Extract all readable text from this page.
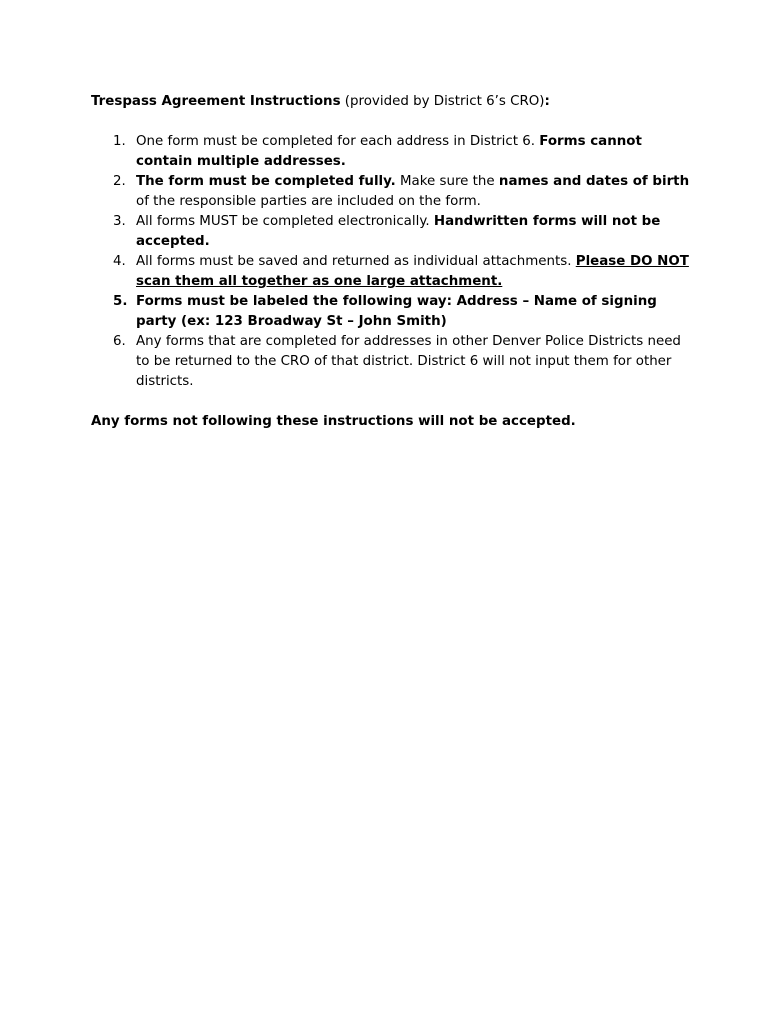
Trespass Agreement Instructions (provided by District 6’s CRO):

1. One form must be completed for each address in District 6. Forms cannot contain multiple addresses.
2. The form must be completed fully. Make sure the names and dates of birth of the responsible parties are included on the form.
3. All forms MUST be completed electronically. Handwritten forms will not be accepted.
4. All forms must be saved and returned as individual attachments. Please DO NOT scan them all together as one large attachment.
5. Forms must be labeled the following way: Address – Name of signing party (ex: 123 Broadway St – John Smith)
6. Any forms that are completed for addresses in other Denver Police Districts need to be returned to the CRO of that district. District 6 will not input them for other districts.

Any forms not following these instructions will not be accepted.
